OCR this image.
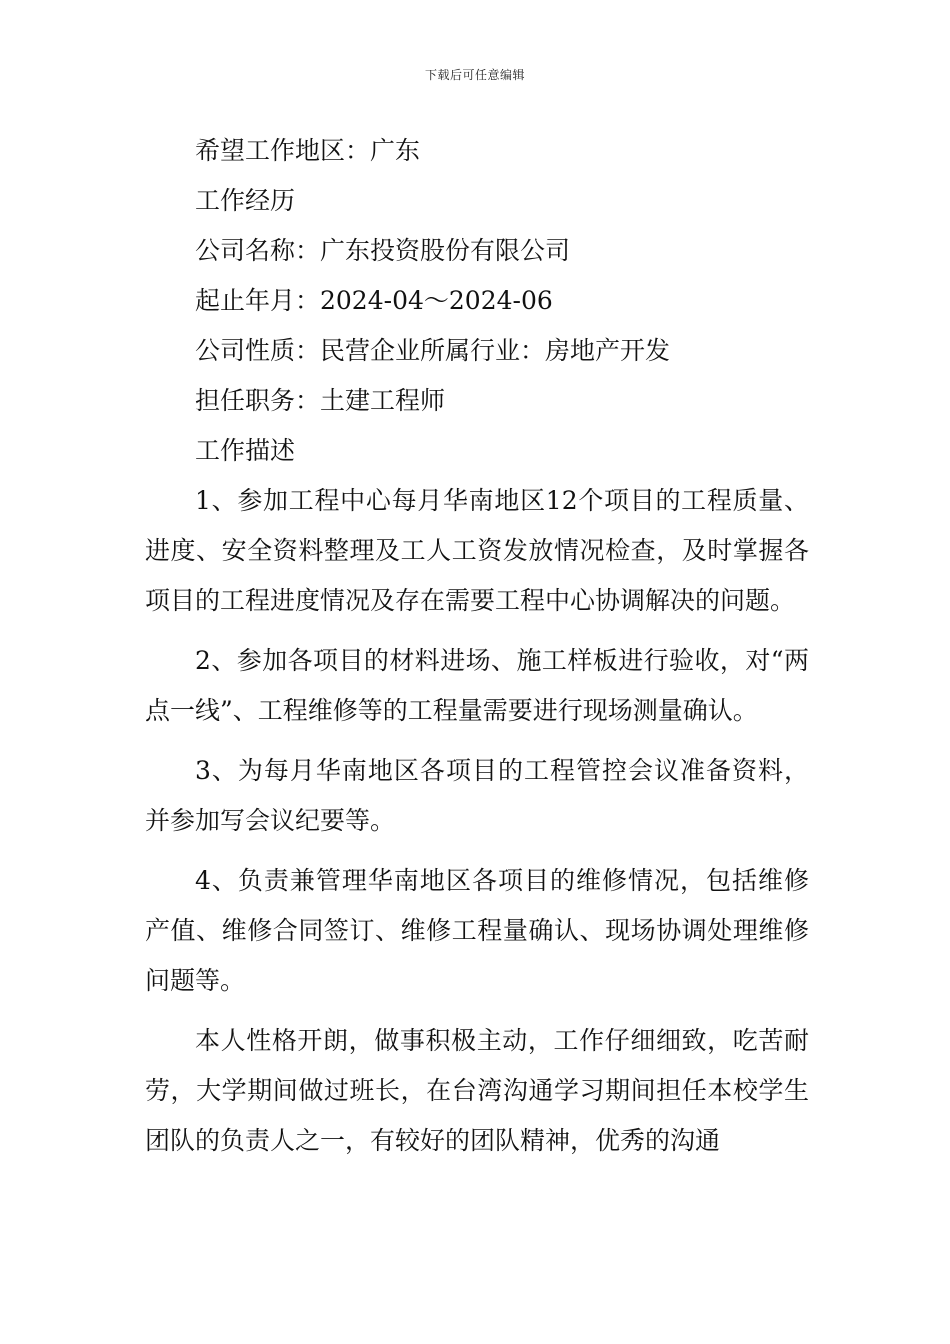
下载后可任意编辑

希望工作地区：广东

工作经历

公司名称：广东投资股份有限公司

起止年月：2024-04～2024-06

公司性质：民营企业所属行业：房地产开发

担任职务：土建工程师

工作描述

1、参加工程中心每月华南地区12个项目的工程质量、进度、安全资料整理及工人工资发放情况检查，及时掌握各项目的工程进度情况及存在需要工程中心协调解决的问题。

2、参加各项目的材料进场、施工样板进行验收，对“两点一线”、工程维修等的工程量需要进行现场测量确认。

3、为每月华南地区各项目的工程管控会议准备资料，并参加写会议纪要等。

4、负责兼管理华南地区各项目的维修情况，包括维修产值、维修合同签订、维修工程量确认、现场协调处理维修问题等。

本人性格开朗，做事积极主动，工作仔细细致，吃苦耐劳，大学期间做过班长，在台湾沟通学习期间担任本校学生团队的负责人之一，有较好的团队精神，优秀的沟通
